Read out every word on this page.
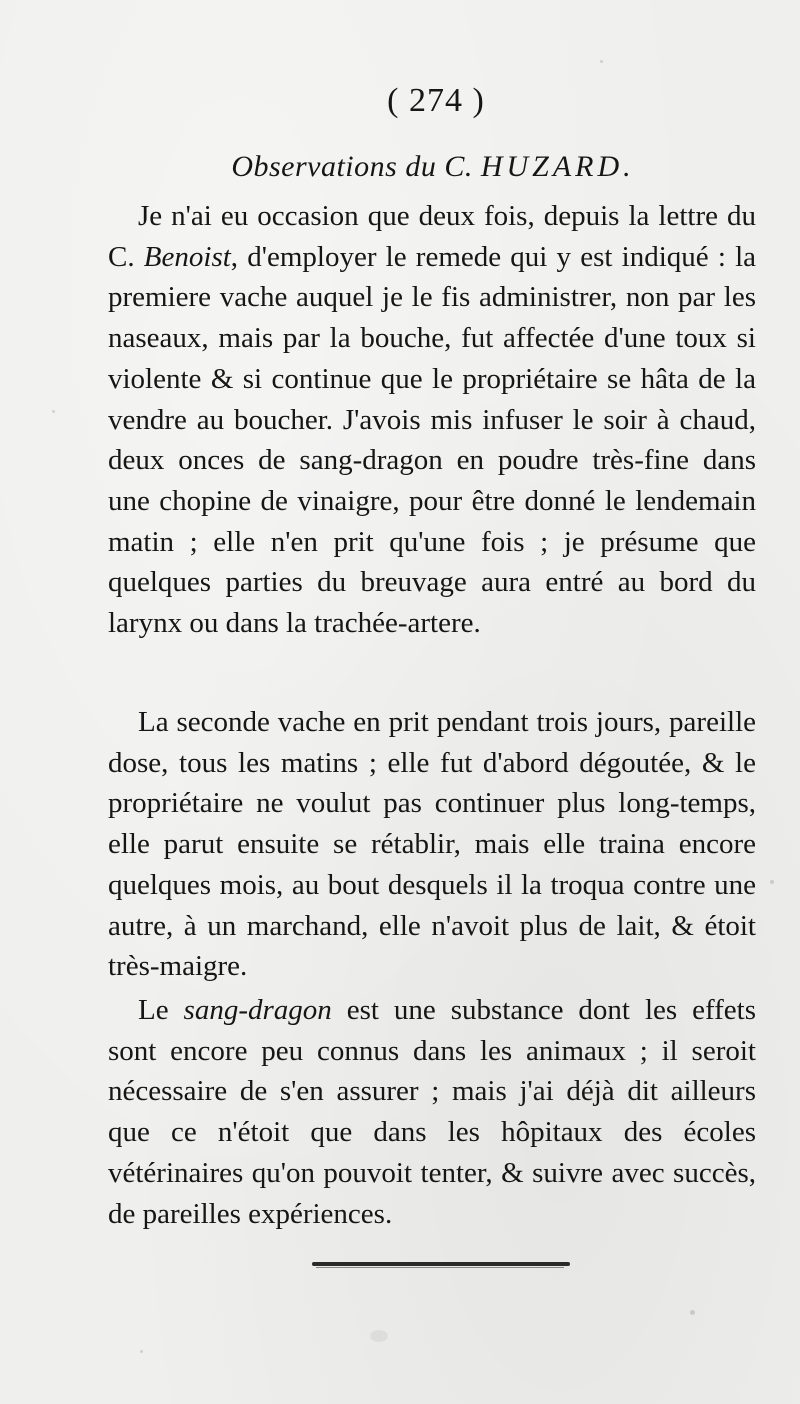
( 274 )
Observations du C. HUZARD.

Je n'ai eu occasion que deux fois, depuis la lettre du C. Benoist, d'employer le remede qui y est indiqué : la premiere vache auquel je le fis administrer, non par les naseaux, mais par la bouche, fut affectée d'une toux si violente & si continue que le propriétaire se hâta de la vendre au boucher. J'avois mis infuser le soir à chaud, deux onces de sang-dragon en poudre très-fine dans une chopine de vinaigre, pour être donné le lendemain matin ; elle n'en prit qu'une fois ; je présume que quelques parties du breuvage aura entré au bord du larynx ou dans la trachée-artere.

La seconde vache en prit pendant trois jours, pareille dose, tous les matins ; elle fut d'abord dégoutée, & le propriétaire ne voulut pas continuer plus long-temps, elle parut ensuite se rétablir, mais elle traina encore quelques mois, au bout desquels il la troqua contre une autre, à un marchand, elle n'avoit plus de lait, & étoit très-maigre.

Le sang-dragon est une substance dont les effets sont encore peu connus dans les animaux ; il seroit nécessaire de s'en assurer ; mais j'ai déjà dit ailleurs que ce n'étoit que dans les hôpitaux des écoles vétérinaires qu'on pouvoit tenter, & suivre avec succès, de pareilles expériences.
